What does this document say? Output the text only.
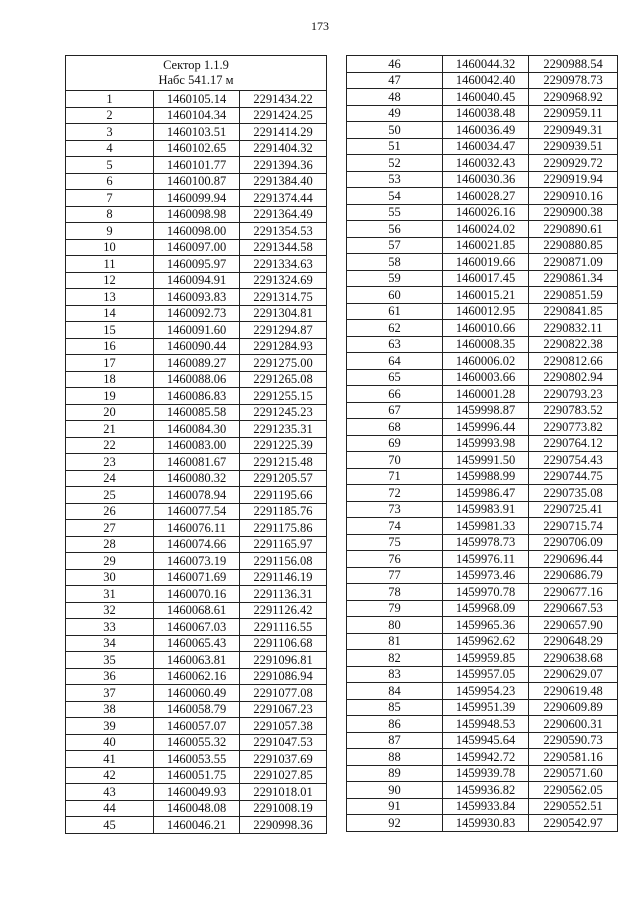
173
Сектор 1.1.9
Набс 541.17 м		

1	1460105.14	2291434.22
2	1460104.34	2291424.25
3	1460103.51	2291414.29
4	1460102.65	2291404.32
5	1460101.77	2291394.36
6	1460100.87	2291384.40
7	1460099.94	2291374.44
8	1460098.98	2291364.49
9	1460098.00	2291354.53
10	1460097.00	2291344.58
11	1460095.97	2291334.63
12	1460094.91	2291324.69
13	1460093.83	2291314.75
14	1460092.73	2291304.81
15	1460091.60	2291294.87
16	1460090.44	2291284.93
17	1460089.27	2291275.00
18	1460088.06	2291265.08
19	1460086.83	2291255.15
20	1460085.58	2291245.23
21	1460084.30	2291235.31
22	1460083.00	2291225.39
23	1460081.67	2291215.48
24	1460080.32	2291205.57
25	1460078.94	2291195.66
26	1460077.54	2291185.76
27	1460076.11	2291175.86
28	1460074.66	2291165.97
29	1460073.19	2291156.08
30	1460071.69	2291146.19
31	1460070.16	2291136.31
32	1460068.61	2291126.42
33	1460067.03	2291116.55
34	1460065.43	2291106.68
35	1460063.81	2291096.81
36	1460062.16	2291086.94
37	1460060.49	2291077.08
38	1460058.79	2291067.23
39	1460057.07	2291057.38
40	1460055.32	2291047.53
41	1460053.55	2291037.69
42	1460051.75	2291027.85
43	1460049.93	2291018.01
44	1460048.08	2291008.19
45	1460046.21	2290998.36
46	1460044.32	2290988.54
47	1460042.40	2290978.73
48	1460040.45	2290968.92
49	1460038.48	2290959.11
50	1460036.49	2290949.31
51	1460034.47	2290939.51
52	1460032.43	2290929.72
53	1460030.36	2290919.94
54	1460028.27	2290910.16
55	1460026.16	2290900.38
56	1460024.02	2290890.61
57	1460021.85	2290880.85
58	1460019.66	2290871.09
59	1460017.45	2290861.34
60	1460015.21	2290851.59
61	1460012.95	2290841.85
62	1460010.66	2290832.11
63	1460008.35	2290822.38
64	1460006.02	2290812.66
65	1460003.66	2290802.94
66	1460001.28	2290793.23
67	1459998.87	2290783.52
68	1459996.44	2290773.82
69	1459993.98	2290764.12
70	1459991.50	2290754.43
71	1459988.99	2290744.75
72	1459986.47	2290735.08
73	1459983.91	2290725.41
74	1459981.33	2290715.74
75	1459978.73	2290706.09
76	1459976.11	2290696.44
77	1459973.46	2290686.79
78	1459970.78	2290677.16
79	1459968.09	2290667.53
80	1459965.36	2290657.90
81	1459962.62	2290648.29
82	1459959.85	2290638.68
83	1459957.05	2290629.07
84	1459954.23	2290619.48
85	1459951.39	2290609.89
86	1459948.53	2290600.31
87	1459945.64	2290590.73
88	1459942.72	2290581.16
89	1459939.78	2290571.60
90	1459936.82	2290562.05
91	1459933.84	2290552.51
92	1459930.83	2290542.97
